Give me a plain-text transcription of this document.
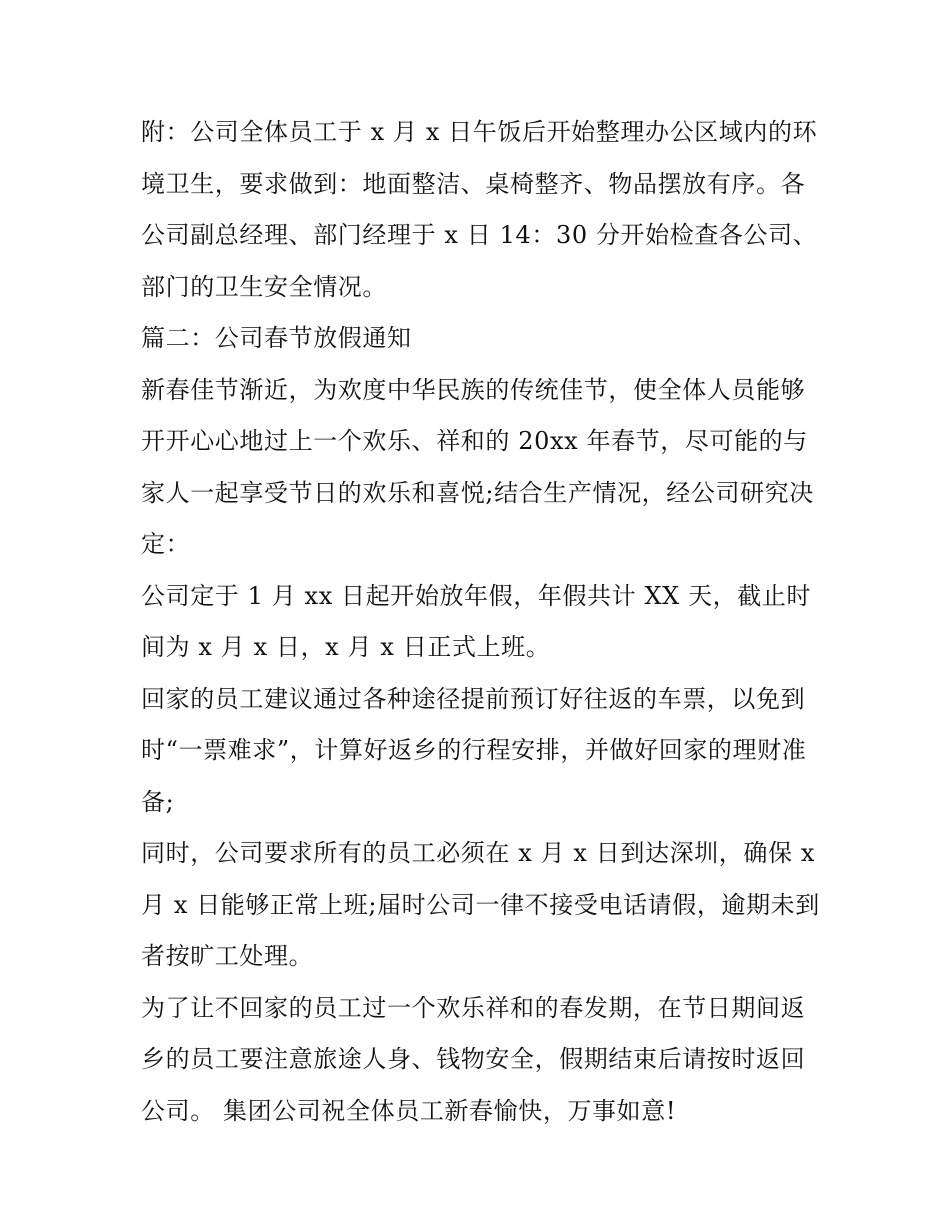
附：公司全体员工于 x 月 x 日午饭后开始整理办公区域内的环境卫生，要求做到：地面整洁、桌椅整齐、物品摆放有序。各公司副总经理、部门经理于 x 日 14：30 分开始检查各公司、部门的卫生安全情况。

篇二：公司春节放假通知

新春佳节渐近，为欢度中华民族的传统佳节，使全体人员能够开开心心地过上一个欢乐、祥和的 20xx 年春节，尽可能的与家人一起享受节日的欢乐和喜悦;结合生产情况，经公司研究决定：

公司定于 1 月 xx 日起开始放年假，年假共计 XX 天，截止时间为 x 月 x 日，x 月 x 日正式上班。

回家的员工建议通过各种途径提前预订好往返的车票，以免到时“一票难求”，计算好返乡的行程安排，并做好回家的理财准备;

同时，公司要求所有的员工必须在 x 月 x 日到达深圳，确保 x 月 x 日能够正常上班;届时公司一律不接受电话请假，逾期未到者按旷工处理。

为了让不回家的员工过一个欢乐祥和的春发期，在节日期间返乡的员工要注意旅途人身、钱物安全，假期结束后请按时返回公司。 集团公司祝全体员工新春愉快，万事如意!
